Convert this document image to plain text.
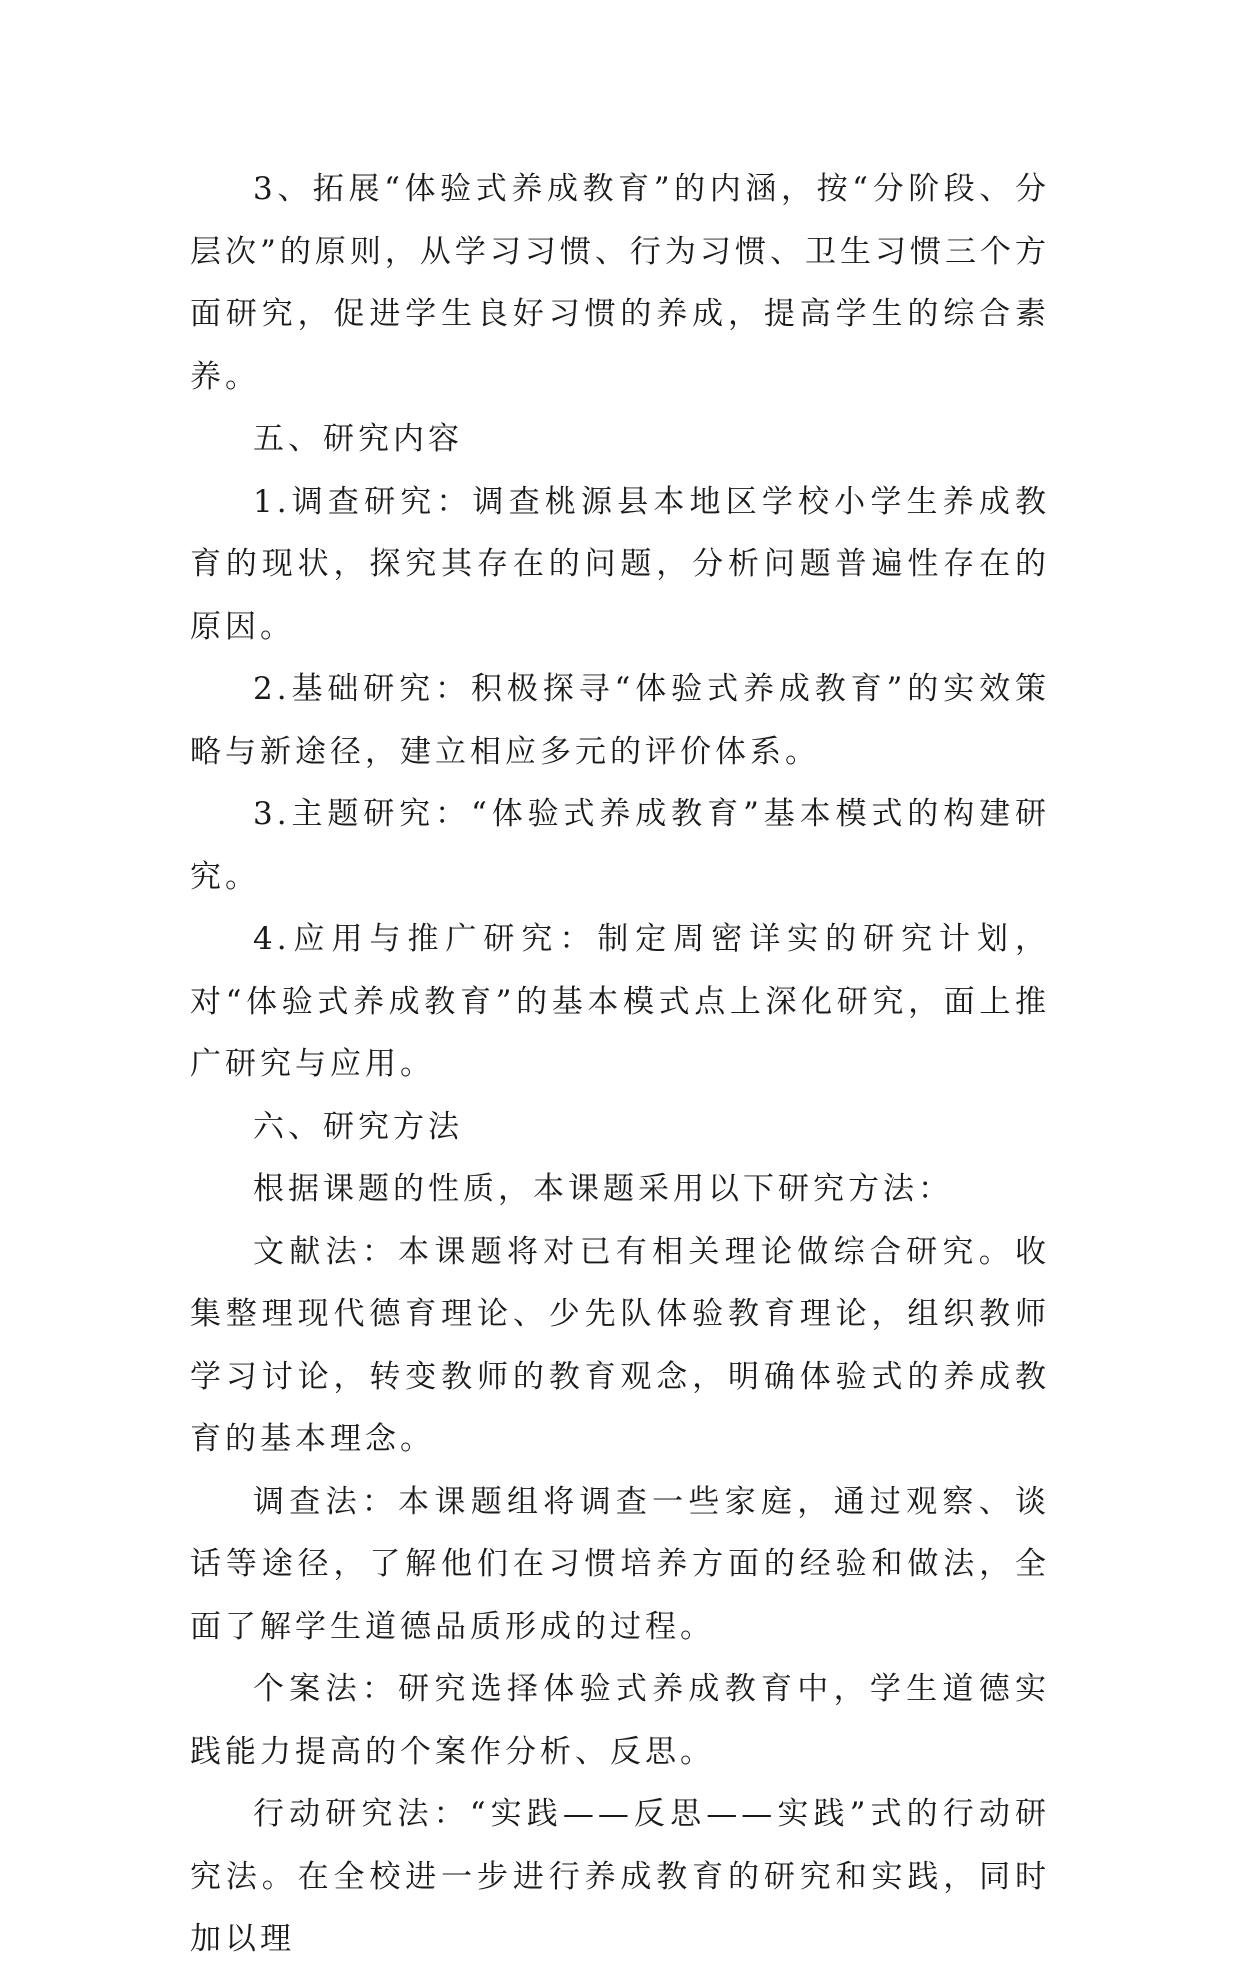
3、拓展“体验式养成教育”的内涵，按“分阶段、分层次”的原则，从学习习惯、行为习惯、卫生习惯三个方面研究，促进学生良好习惯的养成，提高学生的综合素养。

五、研究内容

1.调查研究：调查桃源县本地区学校小学生养成教育的现状，探究其存在的问题，分析问题普遍性存在的原因。

2.基础研究：积极探寻“体验式养成教育”的实效策略与新途径，建立相应多元的评价体系。

3.主题研究：“体验式养成教育”基本模式的构建研究。

4.应用与推广研究：制定周密详实的研究计划，对“体验式养成教育”的基本模式点上深化研究，面上推广研究与应用。

六、研究方法

根据课题的性质，本课题采用以下研究方法：

文献法：本课题将对已有相关理论做综合研究。收集整理现代德育理论、少先队体验教育理论，组织教师学习讨论，转变教师的教育观念，明确体验式的养成教育的基本理念。

调查法：本课题组将调查一些家庭，通过观察、谈话等途径，了解他们在习惯培养方面的经验和做法，全面了解学生道德品质形成的过程。

个案法：研究选择体验式养成教育中，学生道德实践能力提高的个案作分析、反思。

行动研究法：“实践——反思——实践”式的行动研究法。在全校进一步进行养成教育的研究和实践，同时加以理
